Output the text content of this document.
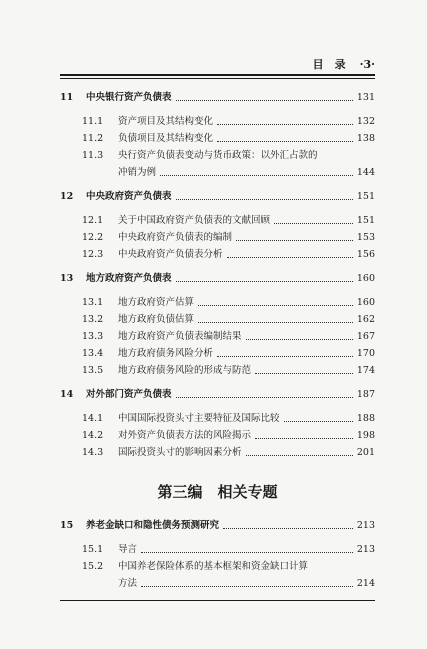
目　录 ·3·
11	中央银行资产负债表	131
11.1	资产项目及其结构变化	132
11.2	负债项目及其结构变化	138
11.3	央行资产负债表变动与货币政策：以外汇占款的
冲销为例	144
12	中央政府资产负债表	151
12.1	关于中国政府资产负债表的文献回顾	151
12.2	中央政府资产负债表的编制	153
12.3	中央政府资产负债表分析	156
13	地方政府资产负债表	160
13.1	地方政府资产估算	160
13.2	地方政府负债估算	162
13.3	地方政府资产负债表编制结果	167
13.4	地方政府债务风险分析	170
13.5	地方政府债务风险的形成与防范	174
14	对外部门资产负债表	187
14.1	中国国际投资头寸主要特征及国际比较	188
14.2	对外资产负债表方法的风险揭示	198
14.3	国际投资头寸的影响因素分析	201
第三编　相关专题
15	养老金缺口和隐性债务预测研究	213
15.1	导言	213
15.2	中国养老保险体系的基本框架和资金缺口计算
方法	214
